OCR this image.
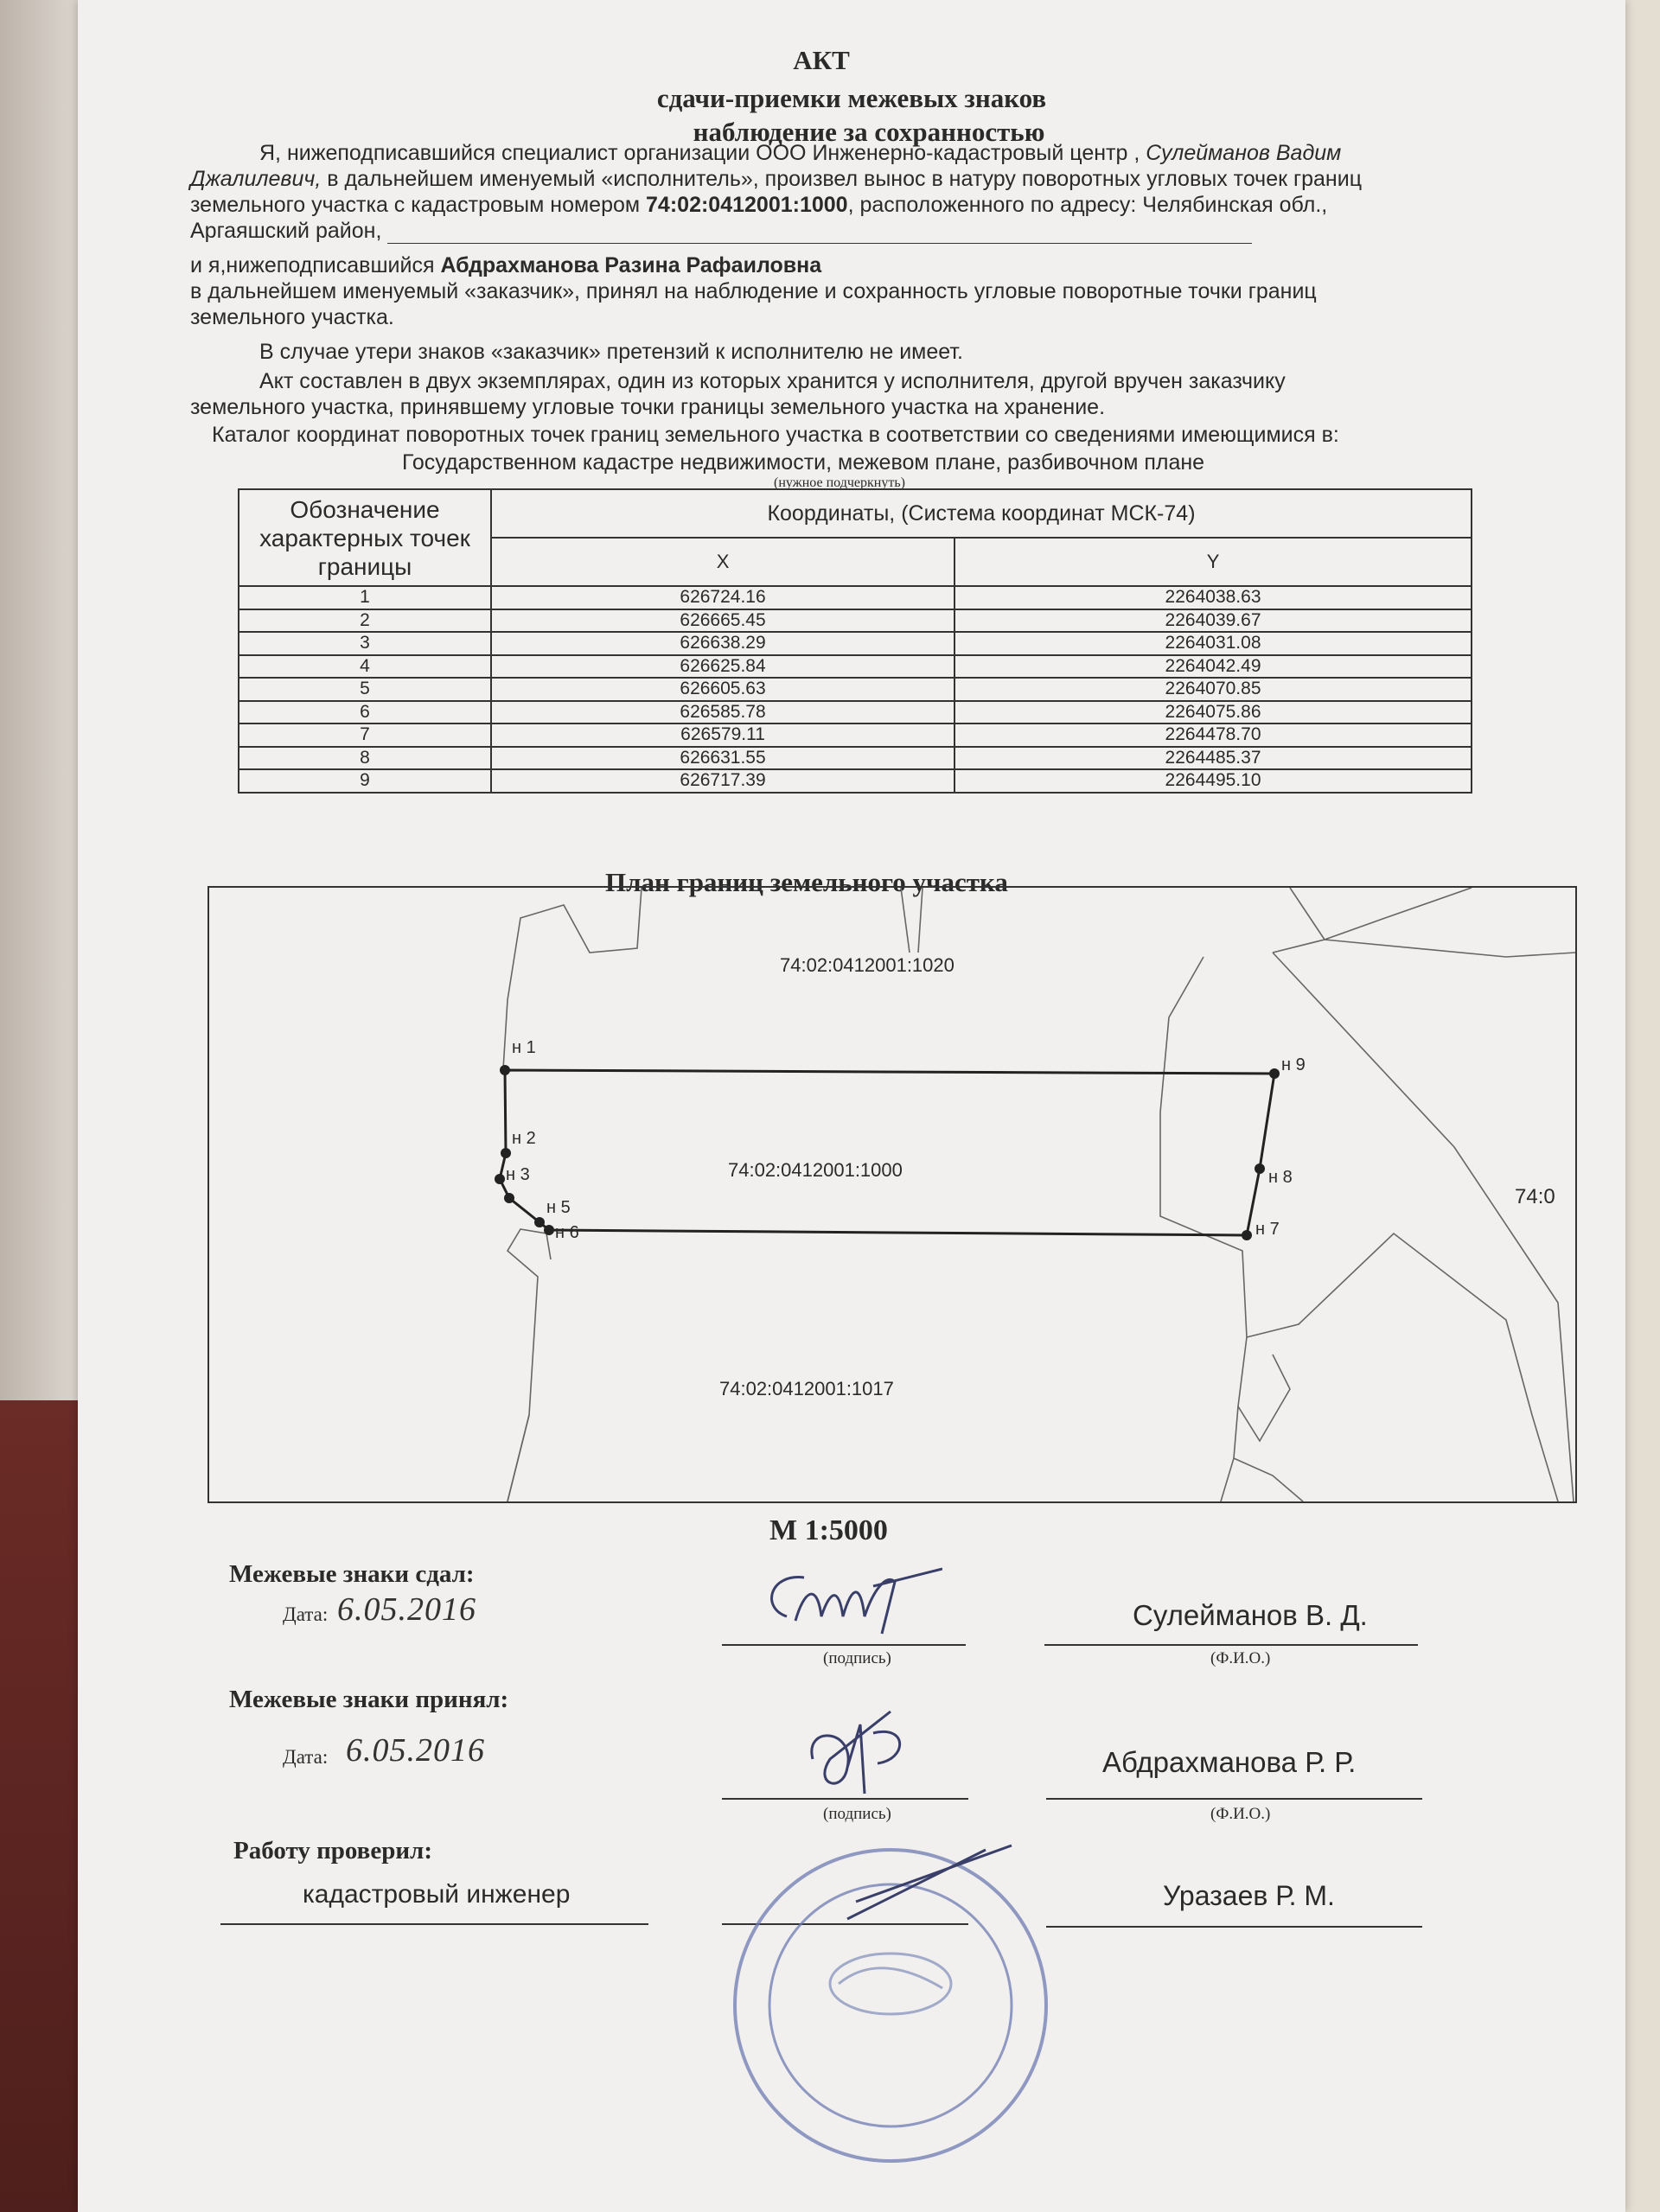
АКТ
сдачи-приемки межевых знаков
наблюдение за сохранностью
Я, нижеподписавшийся специалист организации ООО Инженерно-кадастровый центр , Сулейманов Вадим
Джалилевич, в дальнейшем именуемый «исполнитель», произвел вынос в натуру поворотных угловых точек границ
земельного участка с кадастровым номером 74:02:0412001:1000, расположенного по адресу: Челябинская обл.,
Аргаяшский район,
и я,нижеподписавшийся Абдрахманова Разина Рафаиловна
в дальнейшем именуемый «заказчик», принял на наблюдение и сохранность угловые поворотные точки границ
земельного участка.
В случае утери знаков «заказчик» претензий к исполнителю не имеет.
Акт составлен в двух экземплярах, один из которых хранится у исполнителя, другой вручен заказчику
земельного участка, принявшему угловые точки границы земельного участка на хранение.
Каталог координат поворотных точек границ земельного участка в соответствии со сведениями имеющимися в:
Государственном кадастре недвижимости, межевом плане, разбивочном плане
(нужное подчеркнуть)
Обозначение характерных точек границы	Координаты, (Система координат МСК-74)	
	X	Y
1	626724.16	2264038.63
2	626665.45	2264039.67
3	626638.29	2264031.08
4	626625.84	2264042.49
5	626605.63	2264070.85
6	626585.78	2264075.86
7	626579.11	2264478.70
8	626631.55	2264485.37
9	626717.39	2264495.10
План границ земельного участка
74:02:0412001:1020
74:02:0412001:1000
74:02:0412001:1017
74:0
н 1
н 2
н 3
н 5
н 6	н 7
н 8
н 9
М 1:5000
Межевые знаки сдал:
Дата: 6.05.2016
(подпись)
Сулейманов В. Д.
(Ф.И.О.)
Межевые знаки принял:
Дата: 6.05.2016
(подпись)
Абдрахманова Р. Р.
(Ф.И.О.)
Работу проверил:
кадастровый инженер	Уразаев Р. М.
